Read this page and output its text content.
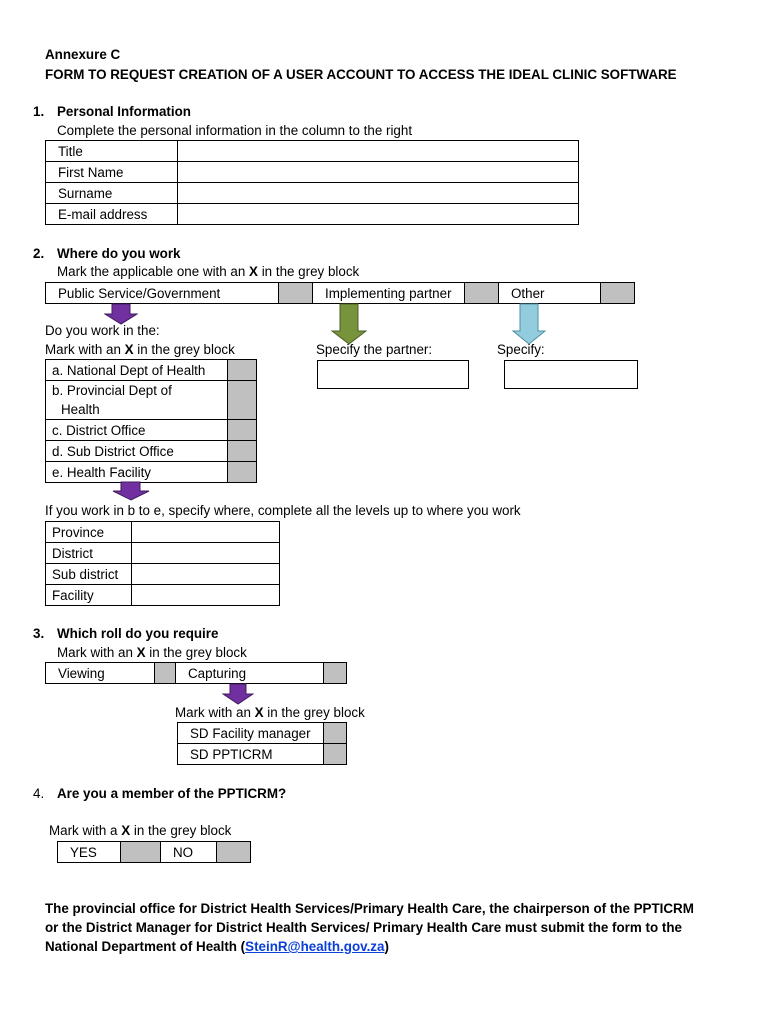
Annexure C
FORM TO REQUEST CREATION OF A USER ACCOUNT TO ACCESS THE IDEAL CLINIC SOFTWARE
1. Personal Information
Complete the personal information in the column to the right
Title	
First Name	
Surname	
E-mail address	
2. Where do you work
Mark the applicable one with an X in the grey block
Public Service/Government		Implementing partner		Other	
Do you work in the:
Mark with an X in the grey block	Specify the partner:	Specify:
a. National Dept of Health	
b. Provincial Dept of
Health	
c. District Office	
d. Sub District Office	
e. Health Facility	
If you work in b to e, specify where, complete all the levels up to where you work
Province	
District	
Sub district	
Facility	
3. Which roll do you require
Mark with an X in the grey block
Viewing		Capturing	
Mark with an X in the grey block
SD Facility manager	
SD PPTICRM	
4. Are you a member of the PPTICRM?
Mark with a X in the grey block
YES		NO	
The provincial office for District Health Services/Primary Health Care, the chairperson of the PPTICRM
or the District Manager for District Health Services/ Primary Health Care must submit the form to the
National Department of Health (SteinR@health.gov.za)
